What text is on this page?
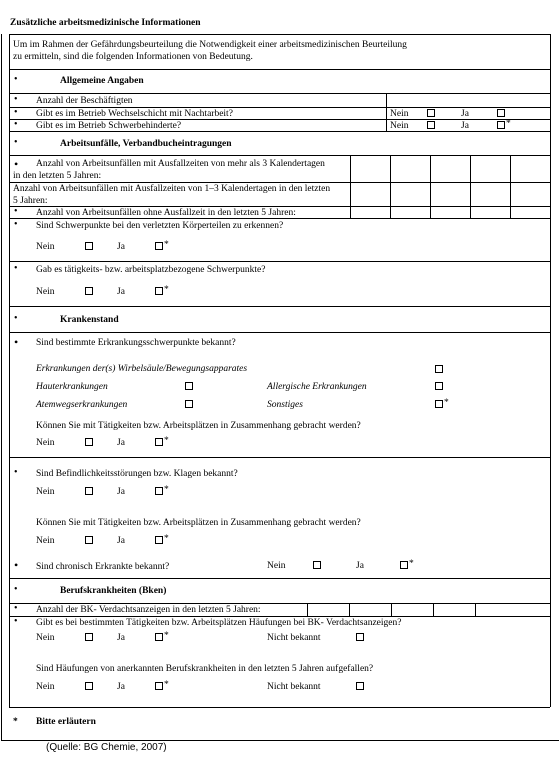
Zusätzliche arbeitsmedizinische Informationen
Um im Rahmen der Gefährdungsbeurteilung die Notwendigkeit einer arbeitsmedizinischen Beurteilung
zu ermitteln, sind die folgenden Informationen von Bedeutung.
•	Allgemeine Angaben
• Anzahl der Beschäftigten
• Gibt es im Betrieb Wechselschicht mit Nachtarbeit?	Nein	Ja
• Gibt es im Betrieb Schwerbehinderte?	Nein	Ja	*
•	Arbeitsunfälle, Verbandbucheintragungen
• Anzahl von Arbeitsunfällen mit Ausfallzeiten von mehr als 3 Kalendertagen
in den letzten 5 Jahren:
Anzahl von Arbeitsunfällen mit Ausfallzeiten von 1–3 Kalendertagen in den letzten
5 Jahren:
• Anzahl von Arbeitsunfällen ohne Ausfallzeit in den letzten 5 Jahren:
• Sind Schwerpunkte bei den verletzten Körperteilen zu erkennen?
Nein	Ja	*
• Gab es tätigkeits- bzw. arbeitsplatzbezogene Schwerpunkte?
Nein	Ja	*
•	Krankenstand
• Sind bestimmte Erkrankungsschwerpunkte bekannt?
Erkrankungen der(s) Wirbelsäule/Bewegungsapparates
Hauterkrankungen	Allergische Erkrankungen
Atemwegserkrankungen	Sonstiges	*
Können Sie mit Tätigkeiten bzw. Arbeitsplätzen in Zusammenhang gebracht werden?
Nein	Ja	*
• Sind Befindlichkeitsstörungen bzw. Klagen bekannt?
Nein	Ja	*
Können Sie mit Tätigkeiten bzw. Arbeitsplätzen in Zusammenhang gebracht werden?
Nein	Ja	*
• Sind chronisch Erkrankte bekannt?	Nein	Ja	*
•	Berufskrankheiten (Bken)
• Anzahl der BK- Verdachtsanzeigen in den letzten 5 Jahren:
• Gibt es bei bestimmten Tätigkeiten bzw. Arbeitsplätzen Häufungen bei BK- Verdachtsanzeigen?
Nein	Ja	*	Nicht bekannt
Sind Häufungen von anerkannten Berufskrankheiten in den letzten 5 Jahren aufgefallen?
Nein	Ja	*	Nicht bekannt
* Bitte erläutern
(Quelle: BG Chemie, 2007)
